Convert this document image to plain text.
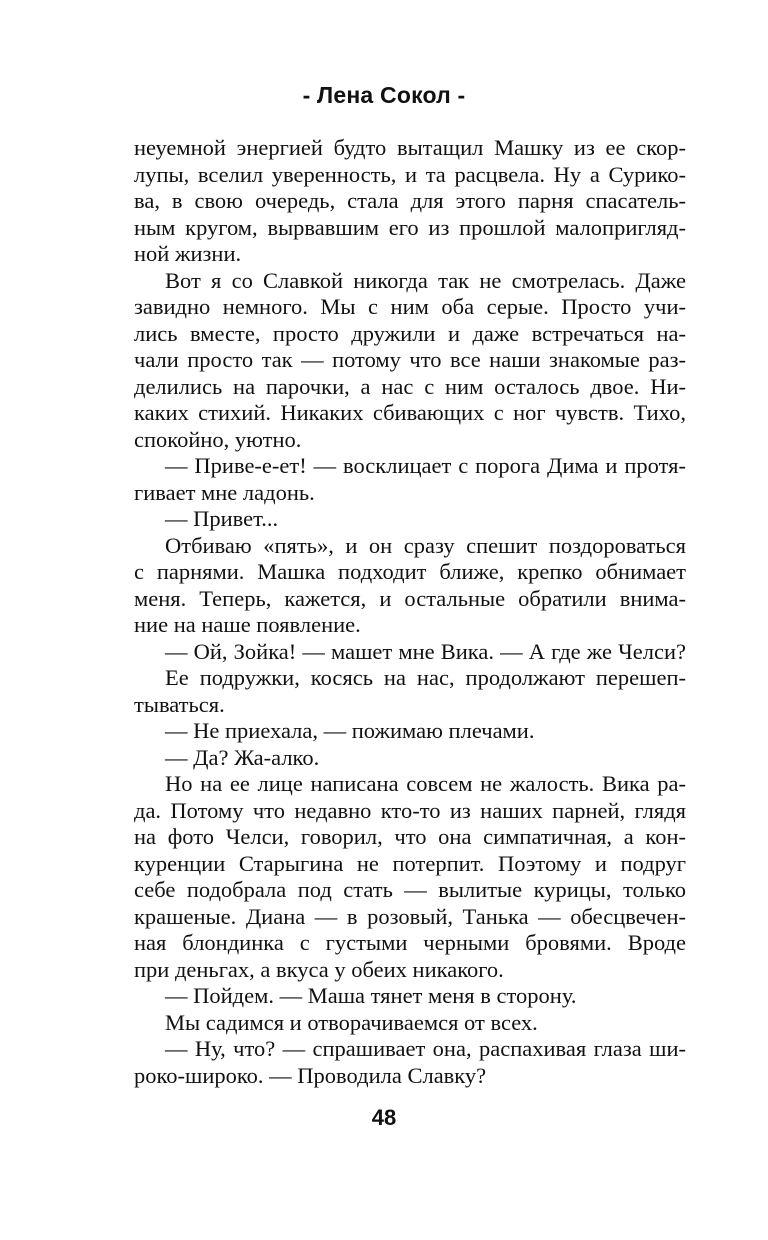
- Лена Сокол -
неуемной энергией будто вытащил Машку из ее скор-
лупы, вселил уверенность, и та расцвела. Ну а Сурико-
ва, в свою очередь, стала для этого парня спасатель-
ным кругом, вырвавшим его из прошлой малопригляд-
ной жизни.
Вот я со Славкой никогда так не смотрелась. Даже
завидно немного. Мы с ним оба серые. Просто учи-
лись вместе, просто дружили и даже встречаться на-
чали просто так — потому что все наши знакомые раз-
делились на парочки, а нас с ним осталось двое. Ни-
каких стихий. Никаких сбивающих с ног чувств. Тихо,
спокойно, уютно.
— Приве-е-ет! — восклицает с порога Дима и протя-
гивает мне ладонь.
— Привет...
Отбиваю «пять», и он сразу спешит поздороваться
с парнями. Машка подходит ближе, крепко обнимает
меня. Теперь, кажется, и остальные обратили внима-
ние на наше появление.
— Ой, Зойка! — машет мне Вика. — А где же Челси?
Ее подружки, косясь на нас, продолжают перешеп-
тываться.
— Не приехала, — пожимаю плечами.
— Да? Жа-алко.
Но на ее лице написана совсем не жалость. Вика ра-
да. Потому что недавно кто-то из наших парней, глядя
на фото Челси, говорил, что она симпатичная, а кон-
куренции Старыгина не потерпит. Поэтому и подруг
себе подобрала под стать — вылитые курицы, только
крашеные. Диана — в розовый, Танька — обесцвечен-
ная блондинка с густыми черными бровями. Вроде
при деньгах, а вкуса у обеих никакого.
— Пойдем. — Маша тянет меня в сторону.
Мы садимся и отворачиваемся от всех.
— Ну, что? — спрашивает она, распахивая глаза ши-
роко-широко. — Проводила Славку?
48
